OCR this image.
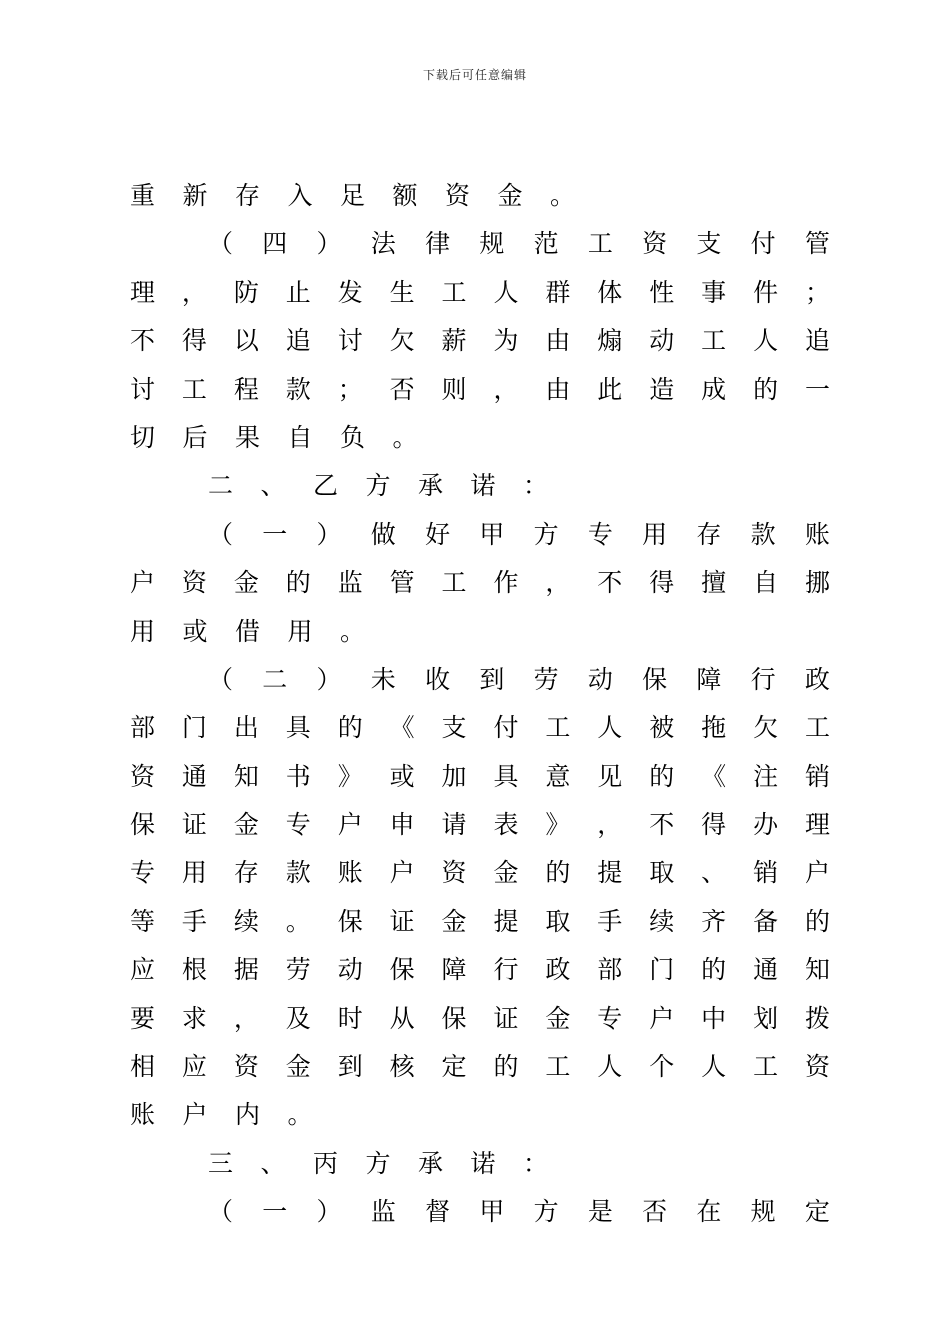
下载后可任意编辑
重	新	存	入	足	额	资	金	。
（ 四 ） 法 律 规 范 工 资 支 付 管
理 ， 防 止 发 生 工 人 群 体 性 事 件 ；
不 得 以 追 讨 欠 薪 为 由 煽 动 工 人 追
讨 工 程 款 ； 否 则 ， 由 此 造 成 的 一
切	后	果	自	负	。
二	、	乙	方	承	诺	：
（ 一 ） 做 好 甲 方 专 用 存 款 账
户 资 金 的 监 管 工 作 ， 不 得 擅 自 挪
用	或	借	用	。
（ 二 ） 未 收 到 劳 动 保 障 行 政
部 门 出 具 的 《 支 付 工 人 被 拖 欠 工
资 通 知 书 》 或 加 具 意 见 的 《 注 销
保 证 金 专 户 申 请 表 》 ， 不 得 办 理
专 用 存 款 账 户 资 金 的 提 取 、 销 户
等 手 续 。 保 证 金 提 取 手 续 齐 备 的
应 根 据 劳 动 保 障 行 政 部 门 的 通 知
要 求 ， 及 时 从 保 证 金 专 户 中 划 拨
相 应 资 金 到 核 定 的 工 人 个 人 工 资
账	户	内	。
三	、	丙	方	承	诺	：
（ 一 ） 监 督 甲 方 是 否 在 规 定
